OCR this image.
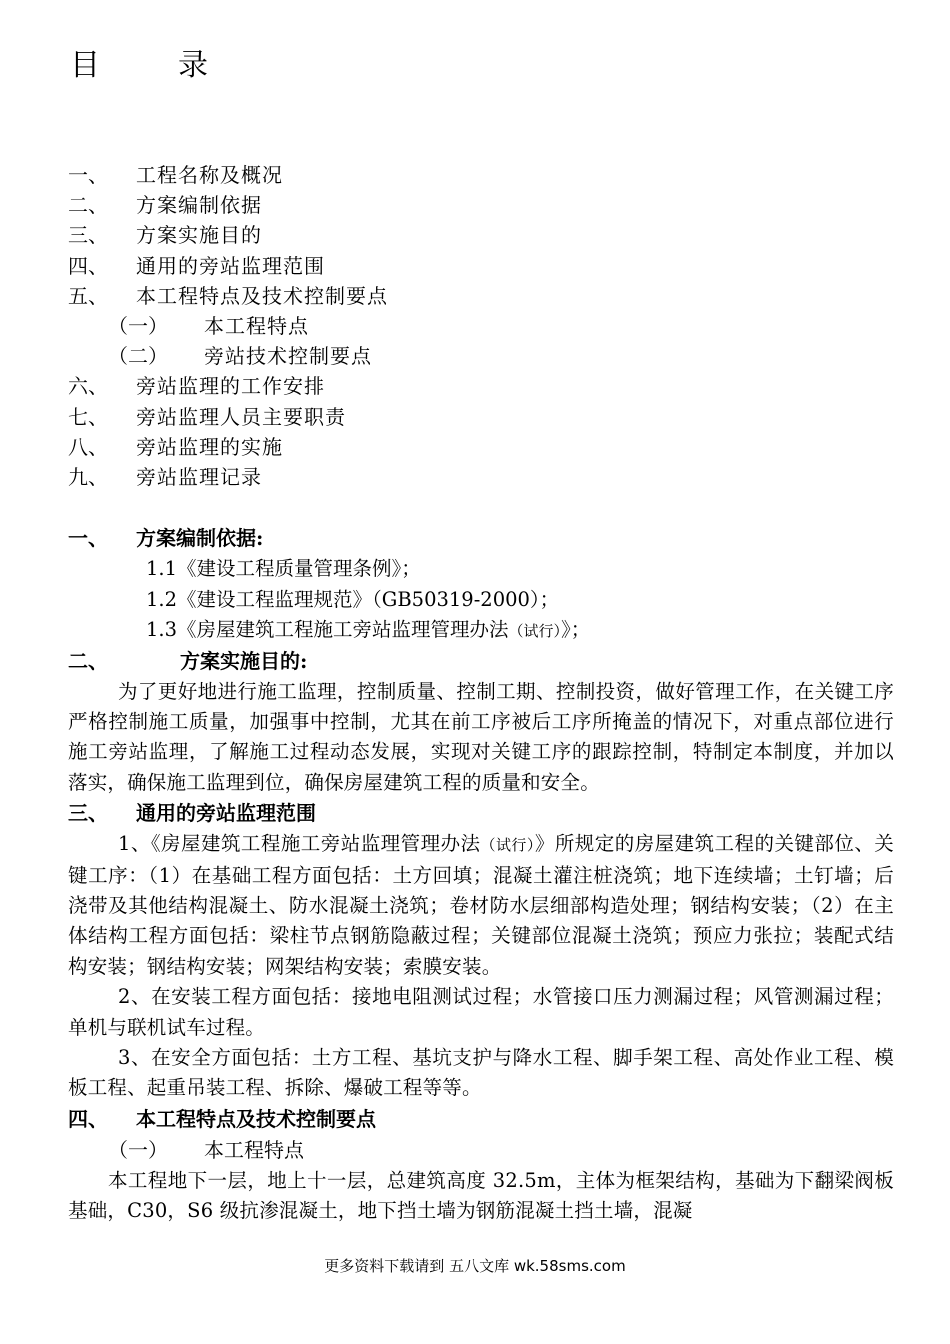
目　录
一、 工程名称及概况
二、 方案编制依据
三、 方案实施目的
四、 通用的旁站监理范围
五、 本工程特点及技术控制要点
（一） 本工程特点
（二） 旁站技术控制要点
六、 旁站监理的工作安排
七、 旁站监理人员主要职责
八、 旁站监理的实施
九、 旁站监理记录
一、 方案编制依据:
1.1《建设工程质量管理条例》；
1.2《建设工程监理规范》（GB50319-2000）；
1.3《房屋建筑工程施工旁站监理管理办法（试行）》；
二、	方案实施目的:
为了更好地进行施工监理，控制质量、控制工期、控制投资，做好管理工作，在关键工序严格控制施工质量，加强事中控制，尤其在前工序被后工序所掩盖的情况下，对重点部位进行施工旁站监理，了解施工过程动态发展，实现对关键工序的跟踪控制，特制定本制度，并加以落实，确保施工监理到位，确保房屋建筑工程的质量和安全。
三、 通用的旁站监理范围
1、《房屋建筑工程施工旁站监理管理办法（试行）》所规定的房屋建筑工程的关键部位、关键工序：（1）在基础工程方面包括：土方回填；混凝土灌注桩浇筑；地下连续墙；土钉墙；后浇带及其他结构混凝土、防水混凝土浇筑；卷材防水层细部构造处理；钢结构安装；（2）在主体结构工程方面包括：梁柱节点钢筋隐蔽过程；关键部位混凝土浇筑；预应力张拉；装配式结构安装；钢结构安装；网架结构安装；索膜安装。
2、在安装工程方面包括：接地电阻测试过程；水管接口压力测漏过程；风管测漏过程；单机与联机试车过程。
3、在安全方面包括：土方工程、基坑支护与降水工程、脚手架工程、高处作业工程、模板工程、起重吊装工程、拆除、爆破工程等等。
四、 本工程特点及技术控制要点
（一） 本工程特点
本工程地下一层，地上十一层，总建筑高度 32.5m，主体为框架结构，基础为下翻梁阀板基础，C30，S6 级抗渗混凝土，地下挡土墙为钢筋混凝土挡土墙，混凝
更多资料下载请到 五八文库 wk.58sms.com
